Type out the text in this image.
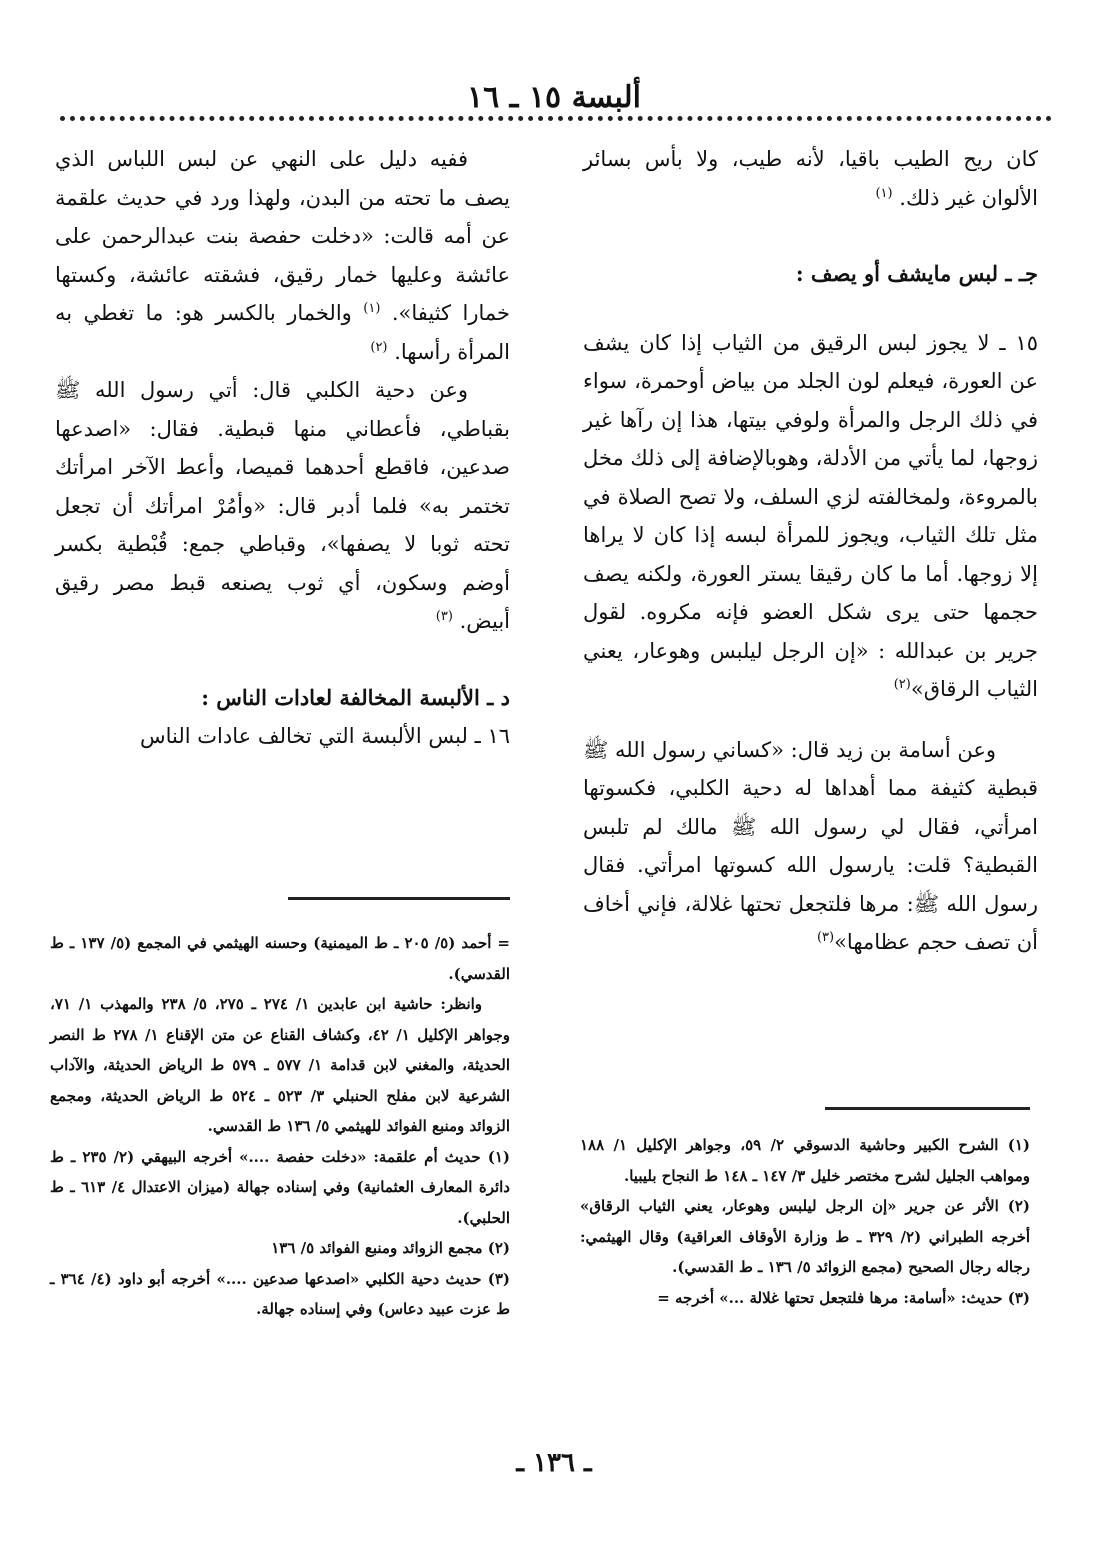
ألبسة ١٥ ـ ١٦

كان ريح الطيب باقيا، لأنه طيب، ولا بأس بسائر الألوان غير ذلك. $^{(١)}$

جـ ـ لبس مايشف أو يصف :

١٥ ـ لا يجوز لبس الرقيق من الثياب إذا كان يشف عن العورة، فيعلم لون الجلد من بياض أوحمرة، سواء في ذلك الرجل والمرأة ولوفي بيتها، هذا إن رآها غير زوجها، لما يأتي من الأدلة، وهوبالإضافة إلى ذلك مخل بالمروءة، ولمخالفته لزي السلف، ولا تصح الصلاة في مثل تلك الثياب، ويجوز للمرأة لبسه إذا كان لا يراها إلا زوجها. أما ما كان رقيقا يستر العورة، ولكنه يصف حجمها حتى يرى شكل العضو فإنه مكروه. لقول جرير بن عبدالله : «إن الرجل ليلبس وهوعار، يعني الثياب الرقاق»$^{(٢)}$

وعن أسامة بن زيد قال: «كساني رسول الله ﷺ قبطية كثيفة مما أهداها له دحية الكلبي، فكسوتها امرأتي، فقال لي رسول الله ﷺ مالك لم تلبس القبطية؟ قلت: يارسول الله كسوتها امرأتي. فقال رسول الله ﷺ: مرها فلتجعل تحتها غلالة، فإني أخاف أن تصف حجم عظامها»$^{(٣)}$

ففيه دليل على النهي عن لبس اللباس الذي يصف ما تحته من البدن، ولهذا ورد في حديث علقمة عن أمه قالت: «دخلت حفصة بنت عبدالرحمن على عائشة وعليها خمار رقيق، فشقته عائشة، وكستها خمارا كثيفا». $^{(١)}$ والخمار بالكسر هو: ما تغطي به المرأة رأسها. $^{(٢)}$

وعن دحية الكلبي قال: أتي رسول الله ﷺ بقباطي، فأعطاني منها قبطية. فقال: «اصدعها صدعين، فاقطع أحدهما قميصا، وأعط الآخر امرأتك تختمر به» فلما أدبر قال: «وأمُرْ امرأتك أن تجعل تحته ثوبا لا يصفها»، وقباطي جمع: قُبْطية بكسر أوضم وسكون، أي ثوب يصنعه قبط مصر رقيق أبيض. $^{(٣)}$

د ـ الألبسة المخالفة لعادات الناس :

١٦ ـ لبس الألبسة التي تخالف عادات الناس

= أحمد (٥/ ٢٠٥ ـ ط الميمنية) وحسنه الهيثمي في المجمع (٥/ ١٣٧ ـ ط القدسي).

وانظر: حاشية ابن عابدين ١/ ٢٧٤ ـ ٢٧٥، ٥/ ٢٣٨ والمهذب ١/ ٧١، وجواهر الإكليل ١/ ٤٢، وكشاف القناع عن متن الإقناع ١/ ٢٧٨ ط النصر الحديثة، والمغني لابن قدامة ١/ ٥٧٧ ـ ٥٧٩ ط الرياض الحديثة، والآداب الشرعية لابن مفلح الحنبلي ٣/ ٥٢٣ ـ ٥٢٤ ط الرياض الحديثة، ومجمع الزوائد ومنبع الفوائد للهيثمي ٥/ ١٣٦ ط القدسي.

(١) حديث أم علقمة: «دخلت حفصة ....» أخرجه البيهقي (٢/ ٢٣٥ ـ ط دائرة المعارف العثمانية) وفي إسناده جهالة (ميزان الاعتدال ٤/ ٦١٣ ـ ط الحلبي).

(٢) مجمع الزوائد ومنبع الفوائد ٥/ ١٣٦

(٣) حديث دحية الكلبي «اصدعها صدعين ....» أخرجه أبو داود (٤/ ٣٦٤ ـ ط عزت عبيد دعاس) وفي إسناده جهالة.

(١) الشرح الكبير وحاشية الدسوقي ٢/ ٥٩، وجواهر الإكليل ١/ ١٨٨ ومواهب الجليل لشرح مختصر خليل ٣/ ١٤٧ ـ ١٤٨ ط النجاح بليبيا.

(٢) الأثر عن جرير «إن الرجل ليلبس وهوعار، يعني الثياب الرقاق» أخرجه الطبراني (٢/ ٣٢٩ ـ ط وزارة الأوقاف العراقية) وقال الهيثمي: رجاله رجال الصحيح (مجمع الزوائد ٥/ ١٣٦ ـ ط القدسي).

(٣) حديث: «أسامة: مرها فلتجعل تحتها غلالة ...» أخرجه =

ـ ١٣٦ ـ
